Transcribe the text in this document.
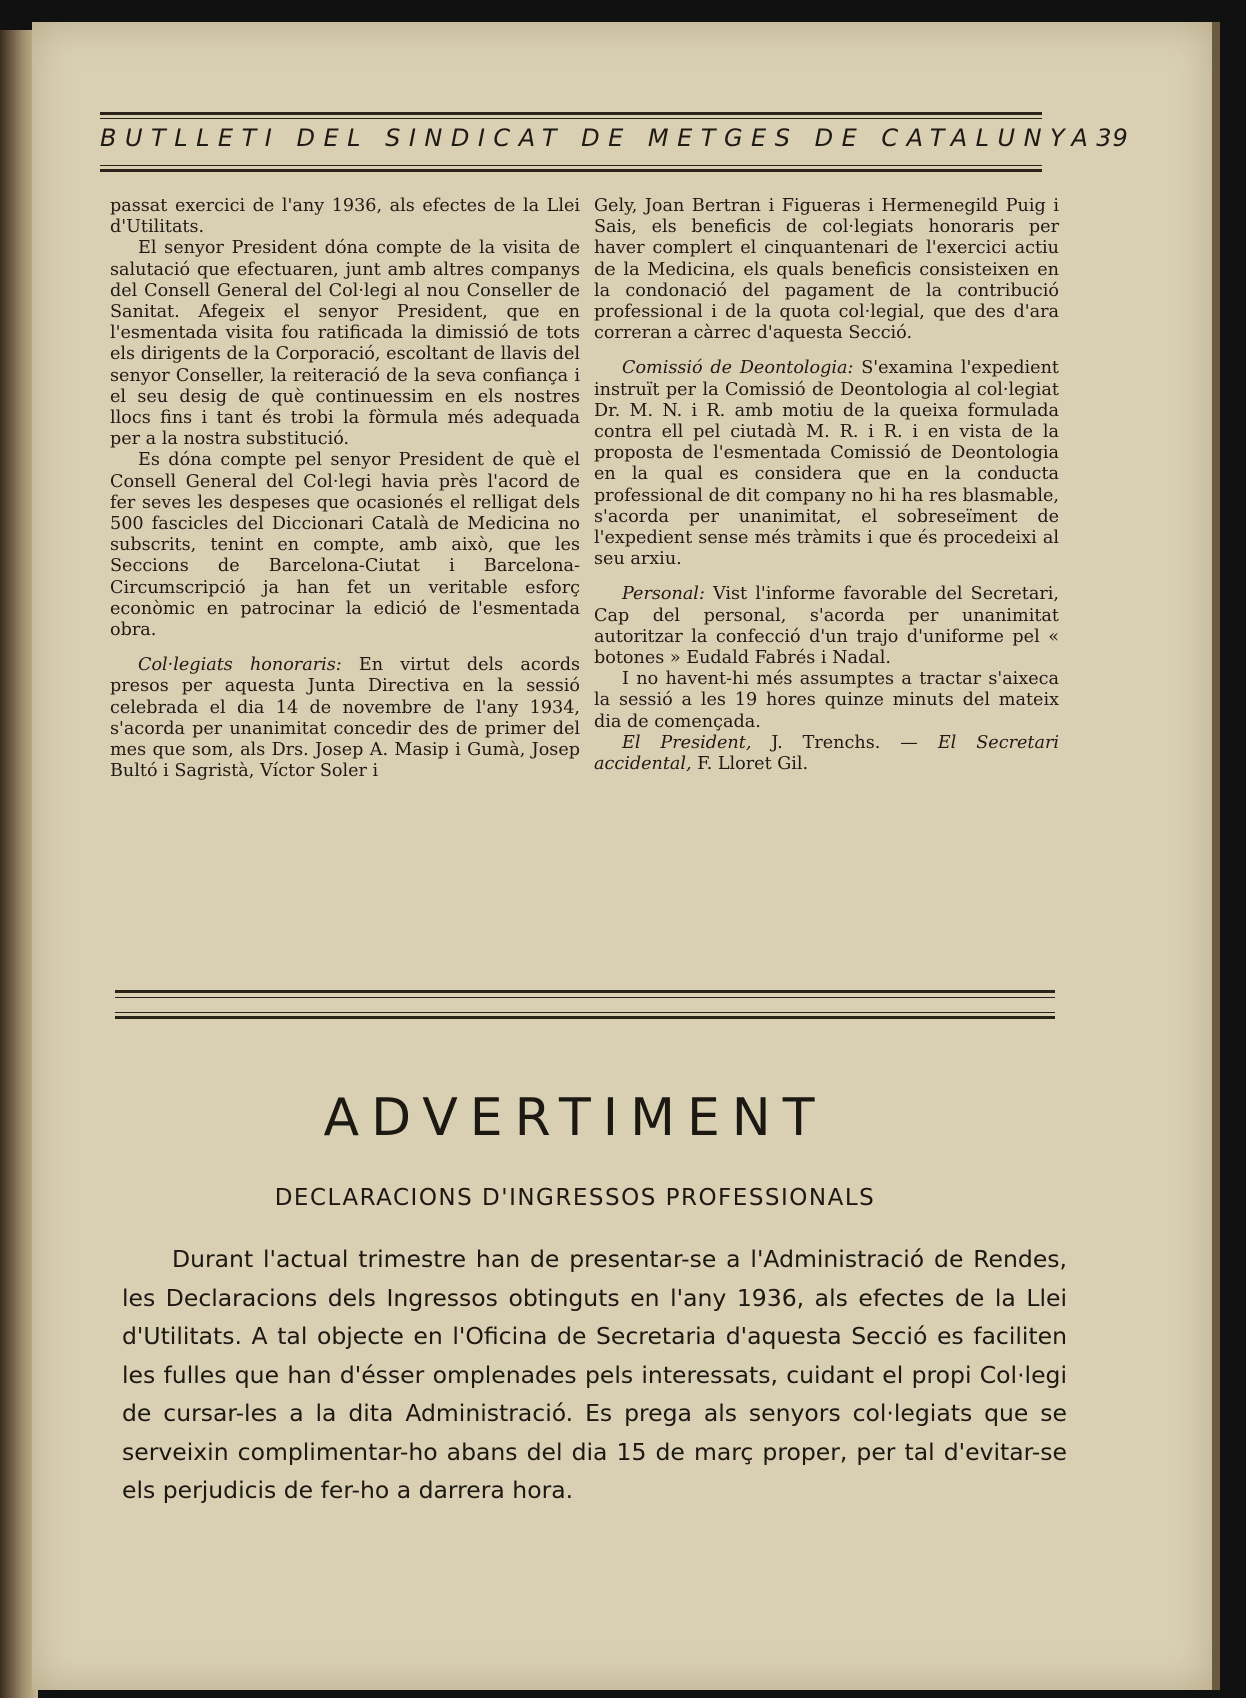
BUTLLETI DEL SINDICAT DE METGES DE CATALUNYA 39

passat exercici de l'any 1936, als efectes de la Llei d'Utilitats.

El senyor President dóna compte de la visita de salutació que efectuaren, junt amb altres companys del Consell General del Col·legi al nou Conseller de Sanitat. Afegeix el senyor President, que en l'esmentada visita fou ratificada la dimissió de tots els dirigents de la Corporació, escoltant de llavis del senyor Conseller, la reiteració de la seva confiança i el seu desig de què continuessim en els nostres llocs fins i tant és trobi la fòrmula més adequada per a la nostra substitució.

Es dóna compte pel senyor President de què el Consell General del Col·legi havia près l'acord de fer seves les despeses que ocasionés el relligat dels 500 fascicles del Diccionari Català de Medicina no subscrits, tenint en compte, amb això, que les Seccions de Barcelona-Ciutat i Barcelona-Circumscripció ja han fet un veritable esforç econòmic en patrocinar la edició de l'esmentada obra.

Col·legiats honoraris: En virtut dels acords presos per aquesta Junta Directiva en la sessió celebrada el dia 14 de novembre de l'any 1934, s'acorda per unanimitat concedir des de primer del mes que som, als Drs. Josep A. Masip i Gumà, Josep Bultó i Sagristà, Víctor Soler i

Gely, Joan Bertran i Figueras i Hermenegild Puig i Sais, els beneficis de col·legiats honoraris per haver complert el cinquantenari de l'exercici actiu de la Medicina, els quals beneficis consisteixen en la condonació del pagament de la contribució professional i de la quota col·legial, que des d'ara correran a càrrec d'aquesta Secció.

Comissió de Deontologia: S'examina l'expedient instruït per la Comissió de Deontologia al col·legiat Dr. M. N. i R. amb motiu de la queixa formulada contra ell pel ciutadà M. R. i R. i en vista de la proposta de l'esmentada Comissió de Deontologia en la qual es considera que en la conducta professional de dit company no hi ha res blasmable, s'acorda per unanimitat, el sobreseïment de l'expedient sense més tràmits i que és procedeixi al seu arxiu.

Personal: Vist l'informe favorable del Secretari, Cap del personal, s'acorda per unanimitat autoritzar la confecció d'un trajo d'uniforme pel « botones » Eudald Fabrés i Nadal.

I no havent-hi més assumptes a tractar s'aixeca la sessió a les 19 hores quinze minuts del mateix dia de començada.

El President, J. Trenchs. — El Secretari accidental, F. Lloret Gil.

ADVERTIMENT
DECLARACIONS D'INGRESSOS PROFESSIONALS
Durant l'actual trimestre han de presentar-se a l'Administració de Rendes, les Declaracions dels Ingressos obtinguts en l'any 1936, als efectes de la Llei d'Utilitats. A tal objecte en l'Oficina de Secretaria d'aquesta Secció es faciliten les fulles que han d'ésser omplenades pels interessats, cuidant el propi Col·legi de cursar-les a la dita Administració. Es prega als senyors col·legiats que se serveixin complimentar-ho abans del dia 15 de març proper, per tal d'evitar-se els perjudicis de fer-ho a darrera hora.
